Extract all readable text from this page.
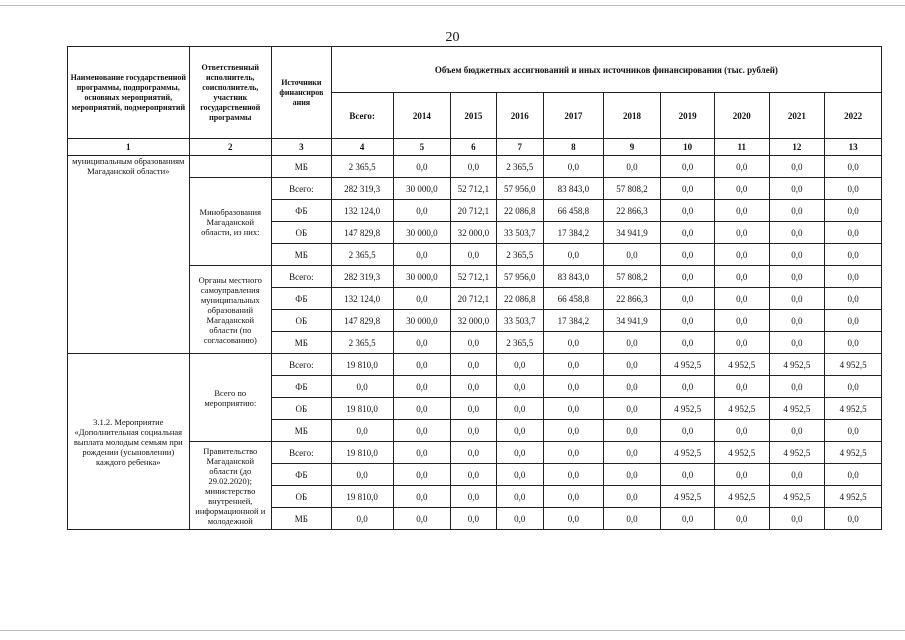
20
Наименование государственной программы, подпрограммы, основных мероприятий, мероприятий, подмероприятий	Ответственный исполнитель, соисполнитель, участник государственной программы	Источники финансиров ания	Объем бюджетных ассигнований и иных источников финансирования (тыс. рублей)									
			Всего:	2014	2015	2016	2017	2018	2019	2020	2021	2022
1	2	3	4	5	6	7	8	9	10	11	12	13
муниципальным образованиям Магаданской области»		МБ	2 365,5	0,0	0,0	2 365,5	0,0	0,0	0,0	0,0	0,0	0,0
	Минобразования Магаданской области, из них:	Всего:	282 319,3	30 000,0	52 712,1	57 956,0	83 843,0	57 808,2	0,0	0,0	0,0	0,0
		ФБ	132 124,0	0,0	20 712,1	22 086,8	66 458,8	22 866,3	0,0	0,0	0,0	0,0
		ОБ	147 829,8	30 000,0	32 000,0	33 503,7	17 384,2	34 941,9	0,0	0,0	0,0	0,0
		МБ	2 365,5	0,0	0,0	2 365,5	0,0	0,0	0,0	0,0	0,0	0,0
	Органы местного самоуправления муниципальных образований Магаданской области (по согласованию)	Всего:	282 319,3	30 000,0	52 712,1	57 956,0	83 843,0	57 808,2	0,0	0,0	0,0	0,0
		ФБ	132 124,0	0,0	20 712,1	22 086,8	66 458,8	22 866,3	0,0	0,0	0,0	0,0
		ОБ	147 829,8	30 000,0	32 000,0	33 503,7	17 384,2	34 941,9	0,0	0,0	0,0	0,0
		МБ	2 365,5	0,0	0,0	2 365,5	0,0	0,0	0,0	0,0	0,0	0,0
3.1.2. Мероприятие «Дополнительная социальная выплата молодым семьям при рождении (усыновлении) каждого ребенка»	Всего по мероприятию:	Всего:	19 810,0	0,0	0,0	0,0	0,0	0,0	4 952,5	4 952,5	4 952,5	4 952,5
		ФБ	0,0	0,0	0,0	0,0	0,0	0,0	0,0	0,0	0,0	0,0
		ОБ	19 810,0	0,0	0,0	0,0	0,0	0,0	4 952,5	4 952,5	4 952,5	4 952,5
		МБ	0,0	0,0	0,0	0,0	0,0	0,0	0,0	0,0	0,0	0,0
	Правительство Магаданской области (до 29.02.2020); министерство внутренней, информационной и молодежной	Всего:	19 810,0	0,0	0,0	0,0	0,0	0,0	4 952,5	4 952,5	4 952,5	4 952,5
		ФБ	0,0	0,0	0,0	0,0	0,0	0,0	0,0	0,0	0,0	0,0
		ОБ	19 810,0	0,0	0,0	0,0	0,0	0,0	4 952,5	4 952,5	4 952,5	4 952,5
		МБ	0,0	0,0	0,0	0,0	0,0	0,0	0,0	0,0	0,0	0,0
